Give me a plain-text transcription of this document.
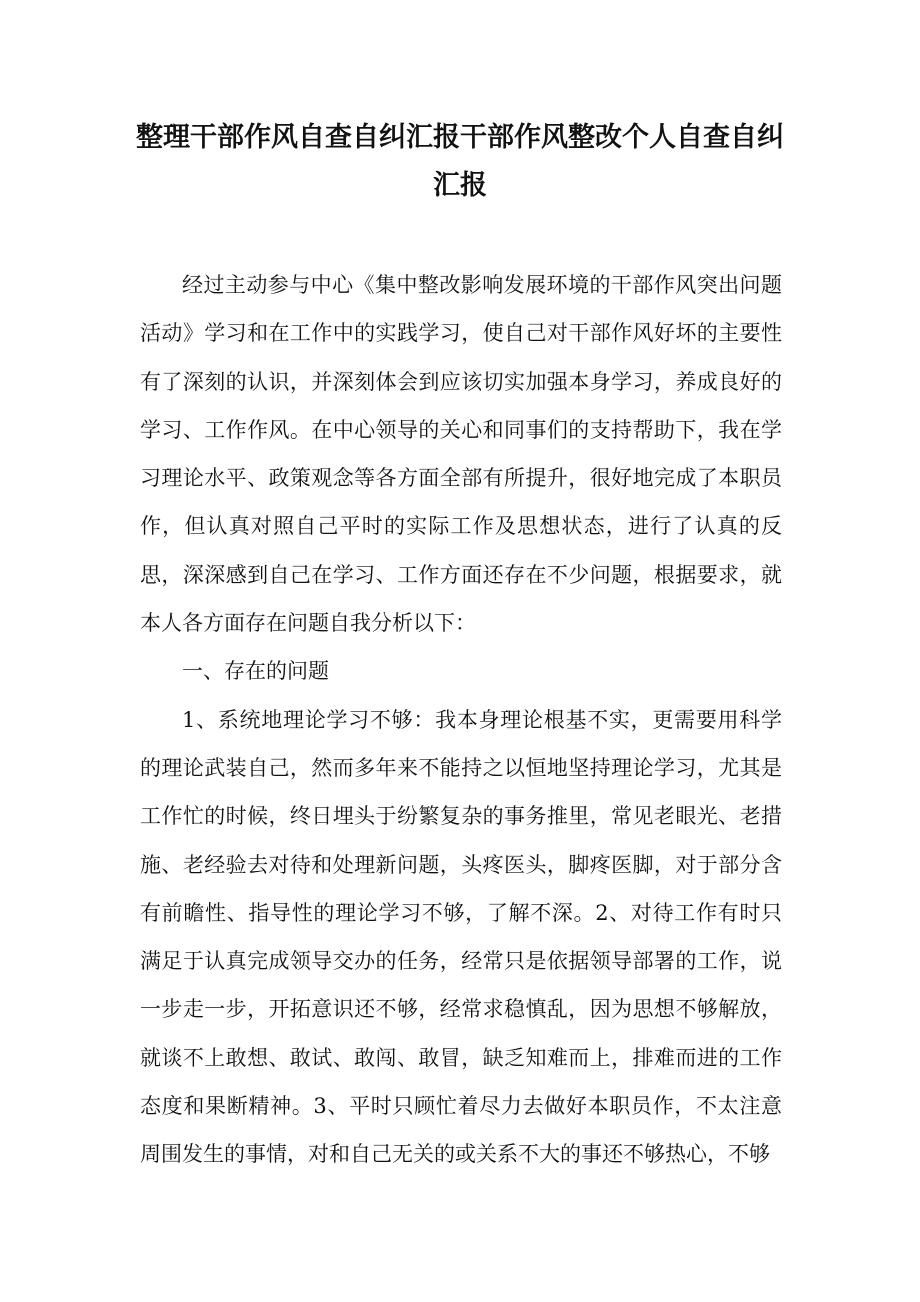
整理干部作风自查自纠汇报干部作风整改个人自查自纠汇报

经过主动参与中心《集中整改影响发展环境的干部作风突出问题活动》学习和在工作中的实践学习，使自己对干部作风好坏的主要性有了深刻的认识，并深刻体会到应该切实加强本身学习，养成良好的学习、工作作风。在中心领导的关心和同事们的支持帮助下，我在学习理论水平、政策观念等各方面全部有所提升，很好地完成了本职员作，但认真对照自己平时的实际工作及思想状态，进行了认真的反思，深深感到自己在学习、工作方面还存在不少问题，根据要求，就本人各方面存在问题自我分析以下：

一、存在的问题

1、系统地理论学习不够：我本身理论根基不实，更需要用科学的理论武装自己，然而多年来不能持之以恒地坚持理论学习，尤其是工作忙的时候，终日埋头于纷繁复杂的事务推里，常见老眼光、老措施、老经验去对待和处理新问题，头疼医头，脚疼医脚，对于部分含有前瞻性、指导性的理论学习不够，了解不深。2、对待工作有时只满足于认真完成领导交办的任务，经常只是依据领导部署的工作，说一步走一步，开拓意识还不够，经常求稳慎乱，因为思想不够解放，就谈不上敢想、敢试、敢闯、敢冒，缺乏知难而上，排难而进的工作态度和果断精神。3、平时只顾忙着尽力去做好本职员作，不太注意周围发生的事情，对和自己无关的或关系不大的事还不够热心，不够
